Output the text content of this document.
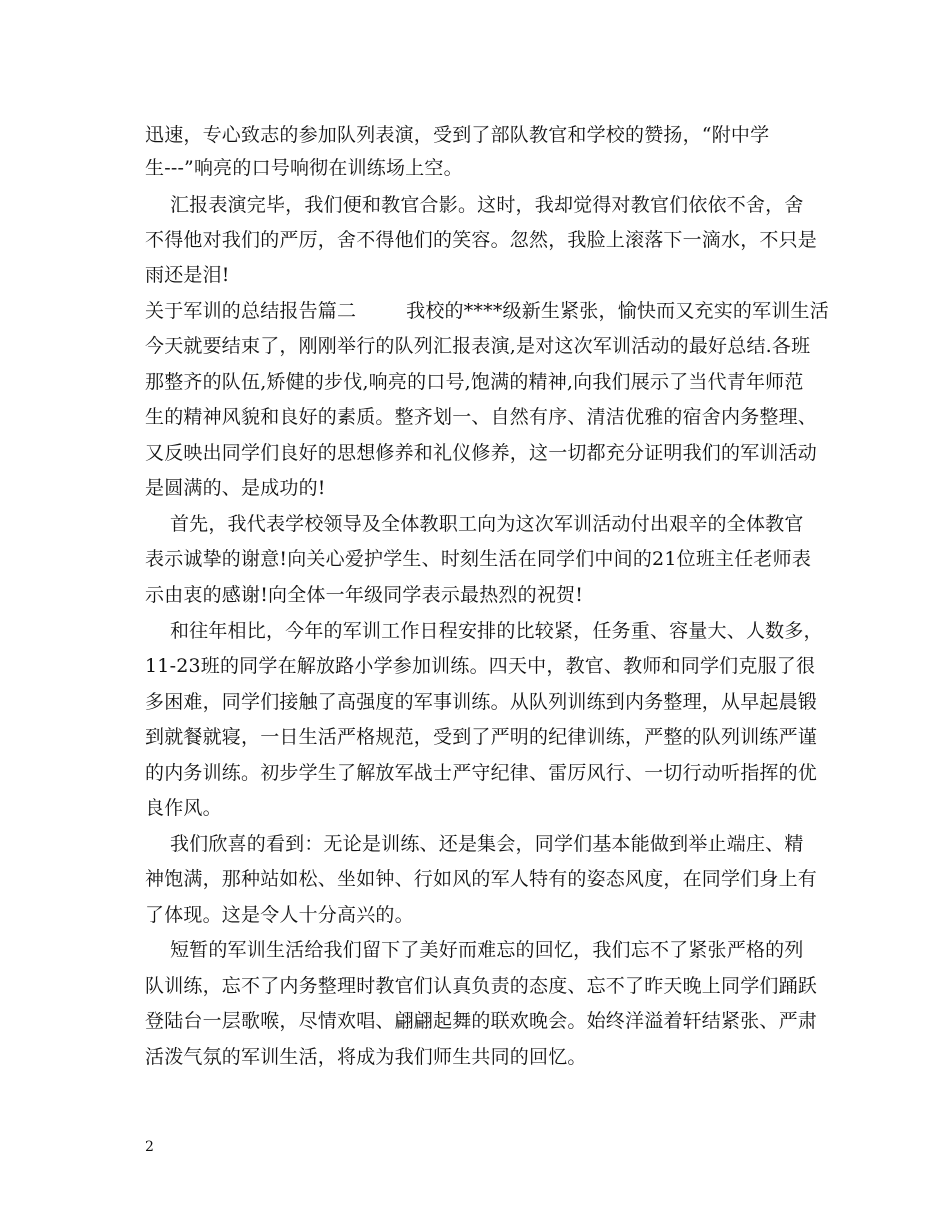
迅速，专心致志的参加队列表演，受到了部队教官和学校的赞扬，“附中学
生---”响亮的口号响彻在训练场上空。
汇报表演完毕，我们便和教官合影。这时，我却觉得对教官们依依不舍，舍
不得他对我们的严厉，舍不得他们的笑容。忽然，我脸上滚落下一滴水，不只是
雨还是泪!
关于军训的总结报告篇二        我校的****级新生紧张，愉快而又充实的军训生活
今天就要结束了，刚刚举行的队列汇报表演,是对这次军训活动的最好总结.各班
那整齐的队伍,矫健的步伐,响亮的口号,饱满的精神,向我们展示了当代青年师范
生的精神风貌和良好的素质。整齐划一、自然有序、清洁优雅的宿舍内务整理、
又反映出同学们良好的思想修养和礼仪修养，这一切都充分证明我们的军训活动
是圆满的、是成功的!
首先，我代表学校领导及全体教职工向为这次军训活动付出艰辛的全体教官
表示诚挚的谢意!向关心爱护学生、时刻生活在同学们中间的21位班主任老师表
示由衷的感谢!向全体一年级同学表示最热烈的祝贺!
和往年相比，今年的军训工作日程安排的比较紧，任务重、容量大、人数多，
11-23班的同学在解放路小学参加训练。四天中，教官、教师和同学们克服了很
多困难，同学们接触了高强度的军事训练。从队列训练到内务整理，从早起晨锻
到就餐就寝，一日生活严格规范，受到了严明的纪律训练，严整的队列训练严谨
的内务训练。初步学生了解放军战士严守纪律、雷厉风行、一切行动听指挥的优
良作风。
我们欣喜的看到：无论是训练、还是集会，同学们基本能做到举止端庄、精
神饱满，那种站如松、坐如钟、行如风的军人特有的姿态风度，在同学们身上有
了体现。这是令人十分高兴的。
短暂的军训生活给我们留下了美好而难忘的回忆，我们忘不了紧张严格的列
队训练，忘不了内务整理时教官们认真负责的态度、忘不了昨天晚上同学们踊跃
登陆台一层歌喉，尽情欢唱、翩翩起舞的联欢晚会。始终洋溢着轩结紧张、严肃
活泼气氛的军训生活，将成为我们师生共同的回忆。
2
